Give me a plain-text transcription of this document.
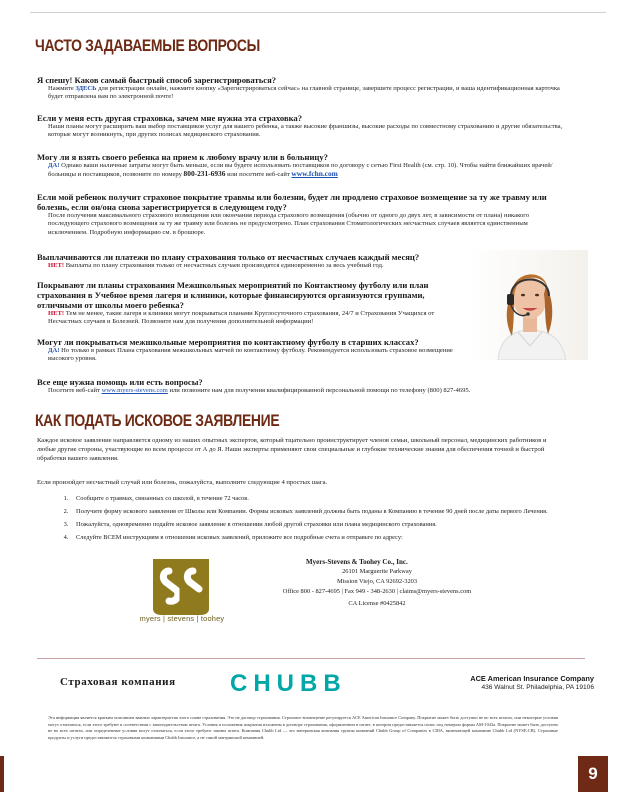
ЧАСТО ЗАДАВАЕМЫЕ ВОПРОСЫ
Я спешу! Каков самый быстрый способ зарегистрироваться?
Нажмите ЗДЕСЬ для регистрации онлайн, нажмите кнопку «Зарегистрироваться сейчас» на главной странице, завершите процесс регистрации, и ваша идентификационная карточка будет отправлена вам по электронной почте!
Если у меня есть другая страховка, зачем мне нужна эта страховка?
Наши планы могут расширить ваш выбор поставщиков услуг для вашего ребенка, а также высокие франшизы, высокие расходы по совместному страхованию и другие обязательства, которые могут возникнуть, при других полисах медицинского страхования.
Могу ли я взять своего ребенка на прием к любому врачу или в больницу?
ДА! Однако ваши наличные затраты могут быть меньше, если вы будете использовать поставщиков по договору с сетью First Health (см. стр. 10). Чтобы найти ближайших врачей/больницы и поставщиков, позвоните по номеру 800-231-6936 или посетите веб-сайт www.fchn.com
Если мой ребенок получит страховое покрытие травмы или болезни, будет ли продлено страховое возмещение за ту же травму или болезнь, если он/она снова зарегистрируется в следующем году?
После получения максимального страхового возмещения или окончания периода страхового возмещения (обычно от одного до двух лет, в зависимости от плана) никакого последующего страхового возмещения за ту же травму или болезнь не предусмотрено. План страхования Стоматологических несчастных случаев является единственным исключением. Подробную информацию см. в брошюре.
Выплачиваются ли платежи по плану страхования только от несчастных случаев каждый месяц?
НЕТ! Выплаты по плану страхования только от несчастных случаев производятся единовременно за весь учебный год.
Покрывают ли планы страхования Межшкольных мероприятий по Контактному футболу или план страхования в Учебное время лагеря и клиники, которые финансируются организуются группами, отличными от школы моего ребенка?
НЕТ! Тем не менее, такие лагеря и клиники могут покрываться планами Круглосуточного страхования, 24/7 и Страхования Учащихся от Несчастных случаев и Болезней. Позвоните нам для получения дополнительной информации!
Могут ли покрываться межшкольные мероприятия по контактному футболу в старших классах?
ДА! Но только в рамках Плана страхования межшкольных матчей по контактному футболу. Рекомендуется использовать страховое возмещение высокого уровня.
Все еще нужна помощь или есть вопросы?
Посетите веб-сайт www.myers-stevens.com или позвоните нам для получения квалифицированной персональной помощи по телефону (800) 827-4695.
КАК ПОДАТЬ ИСКОВОЕ ЗАЯВЛЕНИЕ
Каждое исковое заявление направляется одному из наших опытных экспертов, который тщательно проинструктирует членов семьи, школьный персонал, медицинских работников и любые другие стороны, участвующие во всем процессе от А до Я. Наши эксперты применяют свои специальные и глубокие технические знания для обеспечения точной и быстрой обработки вашего заявления.
Если произойдет несчастный случай или болезнь, пожалуйста, выполните следующие 4 простых шага.
1. Сообщите о травмах, связанных со школой, в течение 72 часов.
2. Получите форму искового заявления от Школы или Компании. Формы исковых заявлений должны быть поданы в Компанию в течение 90 дней после даты первого Лечения.
3. Пожалуйста, одновременно подайте исковое заявление в отношении любой другой страховки или плана медицинского страхования.
4. Следуйте ВСЕМ инструкциям в отношении исковых заявлений, приложите все подробные счета и отправьте по адресу:
myers | stevens | toohey
Myers-Stevens & Toohey Co., Inc.
26101 Marguerite Parkway
Mission Viejo, CA 92692-3203
Office 800 - 827-4695 | Fax 949 - 348-2630 | claims@myers-stevens.com
CA License #0425842
Страховая компания CHUBB	ACE American Insurance Company
436 Walnut St. Philadelphia, PA 19106
Эта информация является кратким описанием важных характеристик этого плана страхования. Это не договор страхования. Страховое возмещение регулируется ACE American Insurance Company. Покрытие может быть доступно не во всех штатах, или некоторые условия могут отличаться, если этого требуют в соответствии с законодательством штата. Условия и положения покрытия изложены в договоре страхования, оформленном в штате, в котором предоставляется полис под номером формы AM-1043a. Покрытие может быть доступно не во всех штатах, или определенные условия могут отличаться, если этого требуют законы штата. Компания Chubb Ltd — это материнская компания группы компаний Chubb Group of Companies в США, включающей компанию Chubb Ltd (NYSE:CB). Страховые продукты и услуги предоставляются страховыми компаниями Chubb Insurance, а не самой материнской компанией.
9
